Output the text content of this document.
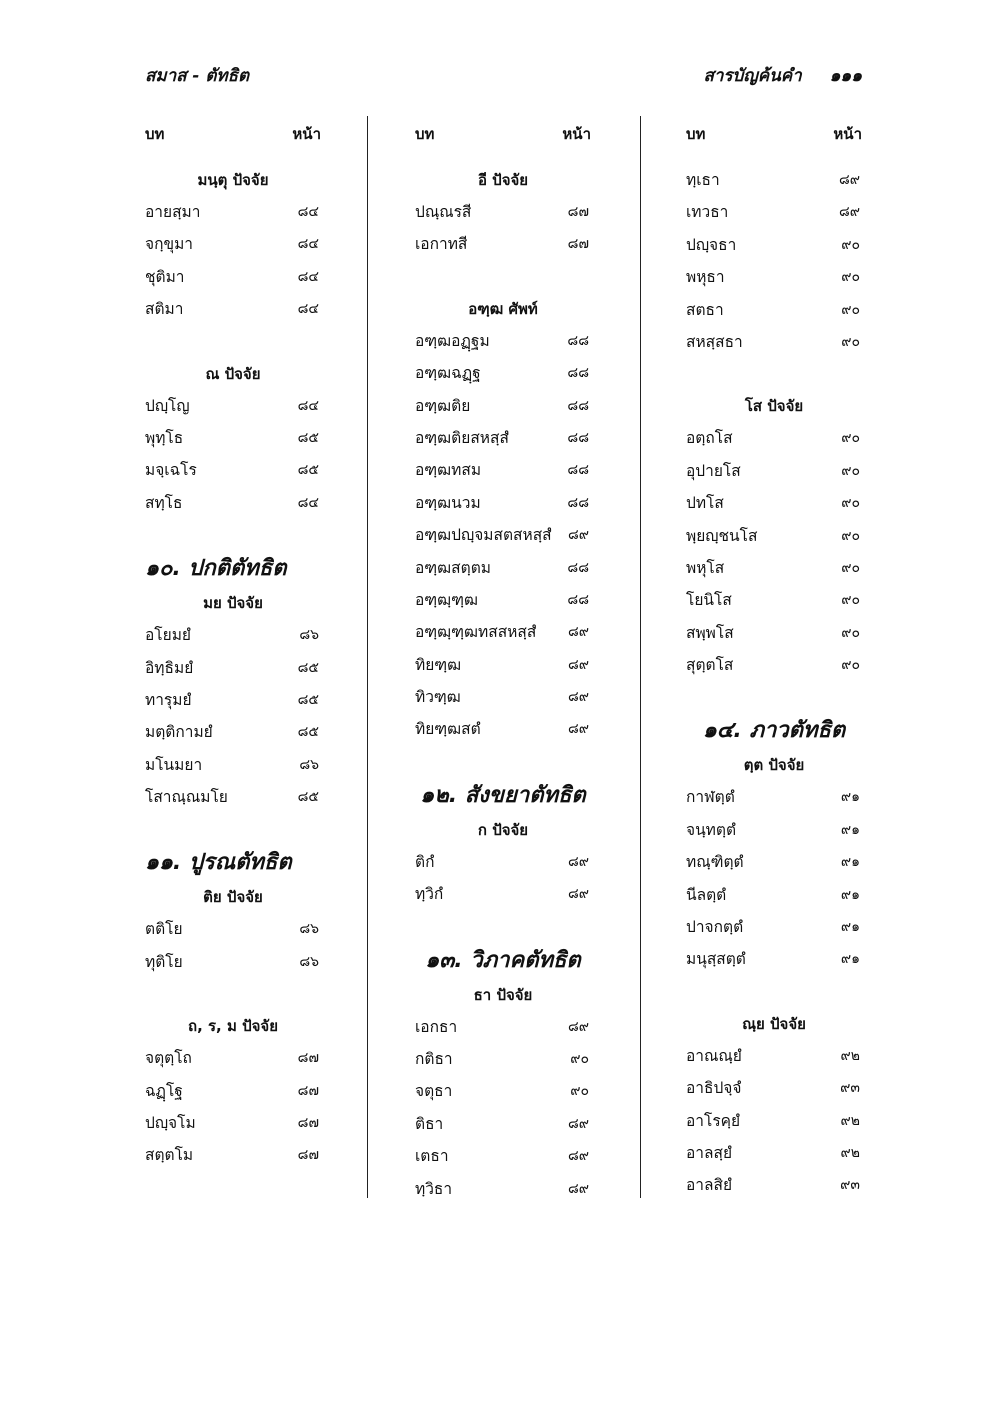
สมาส - ตัทธิต	สารบัญค้นคำ ๑๑๑
บท	หน้า
มนฺตุ ปัจจัย
อายสฺมา	๘๔
จกฺขุมา	๘๔
ชุติมา	๘๔
สติมา	๘๔
ณ ปัจจัย
ปญฺโญ	๘๔
พุทฺโธ	๘๕
มจฺเฉโร	๘๕
สทฺโธ	๘๔
๑๐. ปกติตัทธิต
มย ปัจจัย
อโยมยํ	๘๖
อิทฺธิมยํ	๘๕
ทารุมยํ	๘๕
มตฺติกามยํ	๘๕
มโนมยา	๘๖
โสาณฺณมโย	๘๕
๑๑. ปูรณตัทธิต
ติย ปัจจัย
ตติโย	๘๖
ทุติโย	๘๖
ถ, ร, ม ปัจจัย
จตุตฺโถ	๘๗
ฉฏฺโฐ	๘๗
ปญฺจโม	๘๗
สตฺตโม	๘๗
บท	หน้า
อี ปัจจัย
ปณฺณรสี	๘๗
เอกาทสี	๘๗
อฑฺฒ ศัพท์
อฑฺฒอฏฺฐม	๘๘
อฑฺฒฉฏฺฐ	๘๘
อฑฺฒติย	๘๘
อฑฺฒติยสหสฺสํ	๘๘
อฑฺฒทสม	๘๘
อฑฺฒนวม	๘๘
อฑฺฒปญฺจมสตสหสฺสํ ๘๙
อฑฺฒสตฺตม	๘๘
อฑฺฒฺฑฺฒ	๘๘
อฑฺฒฺฑฺฒทสสหสฺสํ ๘๙
ทิยฑฺฒ	๘๙
ทิวฑฺฒ	๘๙
ทิยฑฺฒสตํ	๘๙
๑๒. สังขยาตัทธิต
ก ปัจจัย
ติกํ	๘๙
ทฺวิกํ	๘๙
๑๓. วิภาคตัทธิต
ธา ปัจจัย
เอกธา	๘๙
กติธา	๙๐
จตุธา	๙๐
ติธา	๘๙
เตธา	๘๙
ทฺวิธา	๘๙
บท	หน้า
ทฺเธา	๘๙
เทวธา	๘๙
ปญฺจธา	๙๐
พหุธา	๙๐
สตธา	๙๐
สหสฺสธา	๙๐
โส ปัจจัย
อตฺถโส	๙๐
อุปายโส	๙๐
ปทโส	๙๐
พฺยญฺชนโส	๙๐
พหุโส	๙๐
โยนิโส	๙๐
สพฺพโส	๙๐
สุตฺตโส	๙๐
๑๔. ภาวตัทธิต
ตฺต ปัจจัย
กาฬตฺตํ	๙๑
จนฺทตฺตํ	๙๑
ทณฺฑิตฺตํ	๙๑
นีลตฺตํ	๙๑
ปาจกตฺตํ	๙๑
มนุสฺสตฺตํ	๙๑
ณฺย ปัจจัย
อาณณฺยํ	๙๒
อาธิปจฺจํ	๙๓
อาโรคฺยํ	๙๒
อาลสฺยํ	๙๒
อาลสิยํ	๙๓
